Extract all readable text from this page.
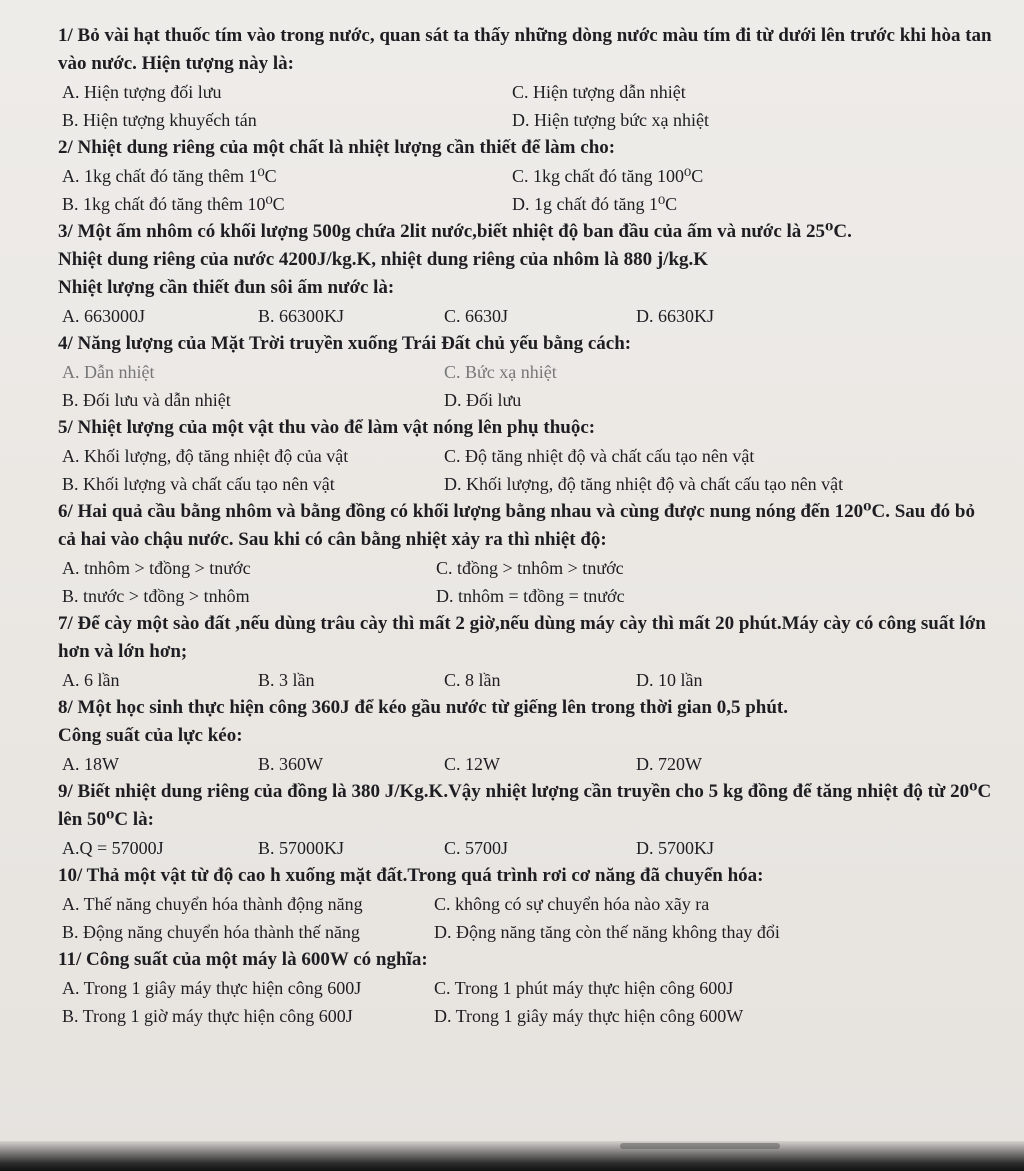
1/ Bỏ vài hạt thuốc tím vào trong nước, quan sát ta thấy những dòng nước màu tím đi từ dưới lên trước khi hòa tan vào nước. Hiện tượng này là:

A. Hiện tượng đối lưu	C. Hiện tượng dẫn nhiệt
B. Hiện tượng khuyếch tán	D. Hiện tượng bức xạ nhiệt

2/ Nhiệt dung riêng của một chất là nhiệt lượng cần thiết để làm cho:

A. 1kg chất đó tăng thêm 1⁰C	C. 1kg chất đó tăng 100⁰C
B. 1kg chất đó tăng thêm 10⁰C	D. 1g chất đó tăng 1⁰C

3/ Một ấm nhôm có khối lượng 500g chứa 2lit nước,biết nhiệt độ ban đầu của ấm và nước là 25⁰C.

Nhiệt dung riêng của nước 4200J/kg.K, nhiệt dung riêng của nhôm là 880 j/kg.K

Nhiệt lượng cần thiết đun sôi ấm nước là:

A. 663000J	B. 66300KJ	C. 6630J	D. 6630KJ

4/ Năng lượng của Mặt Trời truyền xuống Trái Đất chủ yếu bằng cách:

A. Dẫn nhiệt	C. Bức xạ nhiệt
B. Đối lưu và dẫn nhiệt	D. Đối lưu

5/ Nhiệt lượng của một vật thu vào để làm vật nóng lên phụ thuộc:

A. Khối lượng, độ tăng nhiệt độ của vật	C. Độ tăng nhiệt độ và chất cấu tạo nên vật
B. Khối lượng và chất cấu tạo nên vật	D. Khối lượng, độ tăng nhiệt độ và chất cấu tạo nên vật

6/ Hai quả cầu bằng nhôm và bằng đồng có khối lượng bằng nhau và cùng được nung nóng đến 120⁰C. Sau đó bỏ cả hai vào chậu nước. Sau khi có cân bằng nhiệt xảy ra thì nhiệt độ:

A. tnhôm > tđồng > tnước	C. tđồng > tnhôm > tnước
B. tnước > tđồng > tnhôm	D. tnhôm = tđồng = tnước

7/ Để cày một sào đất ,nếu dùng trâu cày thì mất 2 giờ,nếu dùng máy cày thì mất 20 phút.Máy cày có công suất lớn hơn và lớn hơn;

A. 6 lần	B. 3 lần	C. 8 lần	D. 10 lần

8/ Một học sinh thực hiện công 360J để kéo gầu nước từ giếng lên trong thời gian 0,5 phút.

Công suất của lực kéo:

A. 18W	B. 360W	C. 12W	D. 720W

9/ Biết nhiệt dung riêng của đồng là 380 J/Kg.K.Vậy nhiệt lượng cần truyền cho 5 kg đồng để tăng nhiệt độ từ 20⁰C lên 50⁰C là:

A.Q = 57000J	B. 57000KJ	C. 5700J	D. 5700KJ

10/ Thả một vật từ độ cao h xuống mặt đất.Trong quá trình rơi cơ năng đã chuyển hóa:

A. Thế năng chuyển hóa thành động năng	C. không có sự chuyển hóa nào xãy ra
B. Động năng chuyển hóa thành thế năng	D. Động năng tăng còn thế năng không thay đổi

11/ Công suất của một máy là 600W có nghĩa:

A. Trong 1 giây máy thực hiện công 600J	C. Trong 1 phút máy thực hiện công 600J
B. Trong 1 giờ máy thực hiện công 600J	D. Trong 1 giây máy thực hiện công 600W
